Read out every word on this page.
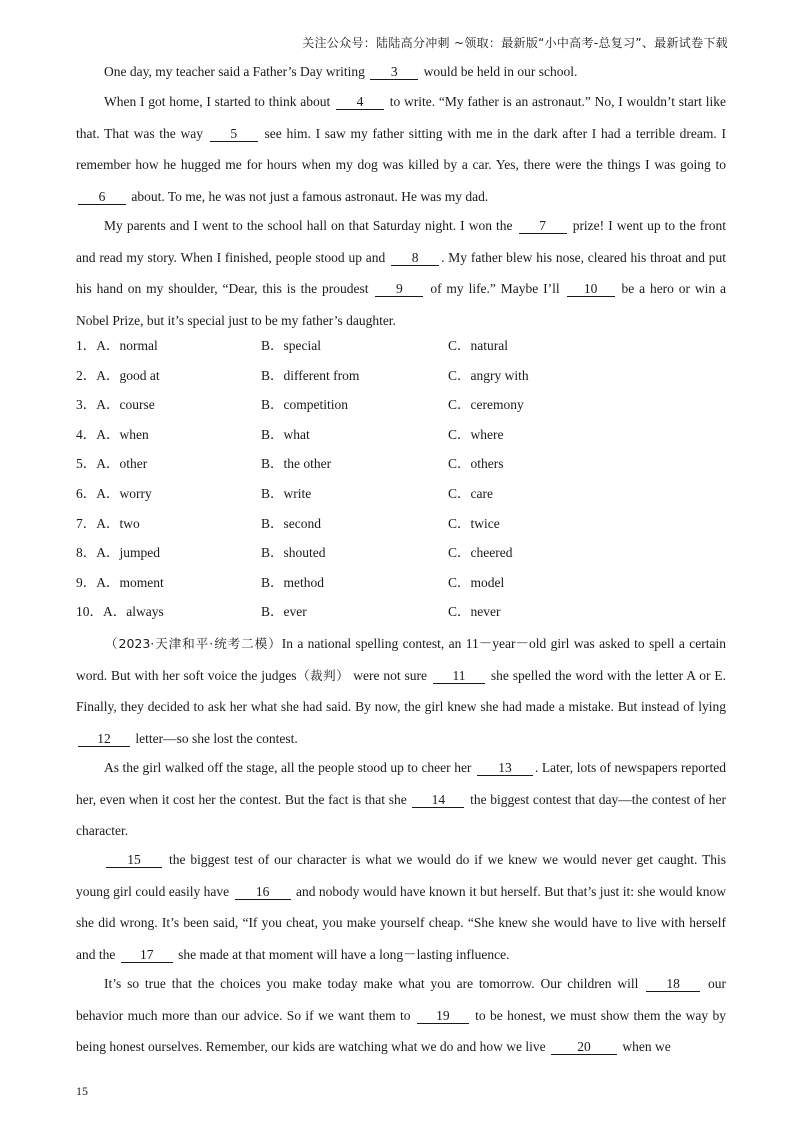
关注公众号：陆陆高分冲刺 ~领取：最新版“小中高考-总复习”、最新试卷下载

One day, my teacher said a Father’s Day writing 3 would be held in our school.

When I got home, I started to think about 4 to write. “My father is an astronaut.” No, I wouldn’t start like that. That was the way 5 see him. I saw my father sitting with me in the dark after I had a terrible dream. I remember how he hugged me for hours when my dog was killed by a car. Yes, there were the things I was going to 6 about. To me, he was not just a famous astronaut. He was my dad.

My parents and I went to the school hall on that Saturday night. I won the 7 prize! I went up to the front and read my story. When I finished, people stood up and 8 . My father blew his nose, cleared his throat and put his hand on my shoulder, “Dear, this is the proudest 9 of my life.” Maybe I’ll 10 be a hero or win a Nobel Prize, but it’s special just to be my father’s daughter.

1．A．normal	B．special	C．natural
2．A．good at	B．different from	C．angry with
3．A．course	B．competition	C．ceremony
4．A．when	B．what	C．where
5．A．other	B．the other	C．others
6．A．worry	B．write	C．care
7．A．two	B．second	C．twice
8．A．jumped	B．shouted	C．cheered
9．A．moment	B．method	C．model
10．A．always	B．ever	C．never

（2023·天津和平·统考二模）In a national spelling contest, an 11－year－old girl was asked to spell a certain word. But with her soft voice the judges（裁判） were not sure 11 she spelled the word with the letter A or E. Finally, they decided to ask her what she had said. By now, the girl knew she had made a mistake. But instead of lying 12 letter—so she lost the contest.

As the girl walked off the stage, all the people stood up to cheer her 13 . Later, lots of newspapers reported her, even when it cost her the contest. But the fact is that she 14 the biggest contest that day—the contest of her character.

15 the biggest test of our character is what we would do if we knew we would never get caught. This young girl could easily have 16 and nobody would have known it but herself. But that’s just it: she would know she did wrong. It’s been said, “If you cheat, you make yourself cheap. “She knew she would have to live with herself and the 17 she made at that moment will have a long－lasting influence.

It’s so true that the choices you make today make what you are tomorrow. Our children will 18 our behavior much more than our advice. So if we want them to 19 to be honest, we must show them the way by being honest ourselves. Remember, our kids are watching what we do and how we live 20 when we

15
